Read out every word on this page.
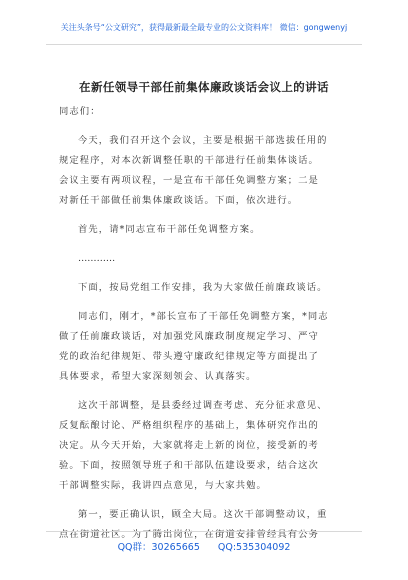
关注头条号“公文研究”，获得最新最全最专业的公文资料库！ 微信：gongwenyj
在新任领导干部任前集体廉政谈话会议上的讲话
同志们：
今天，我们召开这个会议，主要是根据干部选拔任用的
规定程序，对本次新调整任职的干部进行任前集体谈话。
会议主要有两项议程，一是宣布干部任免调整方案；二是
对新任干部做任前集体廉政谈话。下面，依次进行。
首先，请*同志宣布干部任免调整方案。
…………
下面，按局党组工作安排，我为大家做任前廉政谈话。
同志们，刚才，*部长宣布了干部任免调整方案，*同志
做了任前廉政谈话，对加强党风廉政制度规定学习、严守
党的政治纪律规矩、带头遵守廉政纪律规定等方面提出了
具体要求，希望大家深刻领会、认真落实。
这次干部调整，是县委经过调查考虑、充分征求意见、
反复酝酿讨论、严格组织程序的基础上，集体研究作出的
决定。从今天开始，大家就将走上新的岗位，接受新的考
验。下面，按照领导班子和干部队伍建设要求，结合这次
干部调整实际，我讲四点意见，与大家共勉。
第一，要正确认识，顾全大局。这次干部调整动议，重
点在街道社区。为了腾出岗位，在街道安排曾经具有公务
QQ群：30265665 QQ:535304092
